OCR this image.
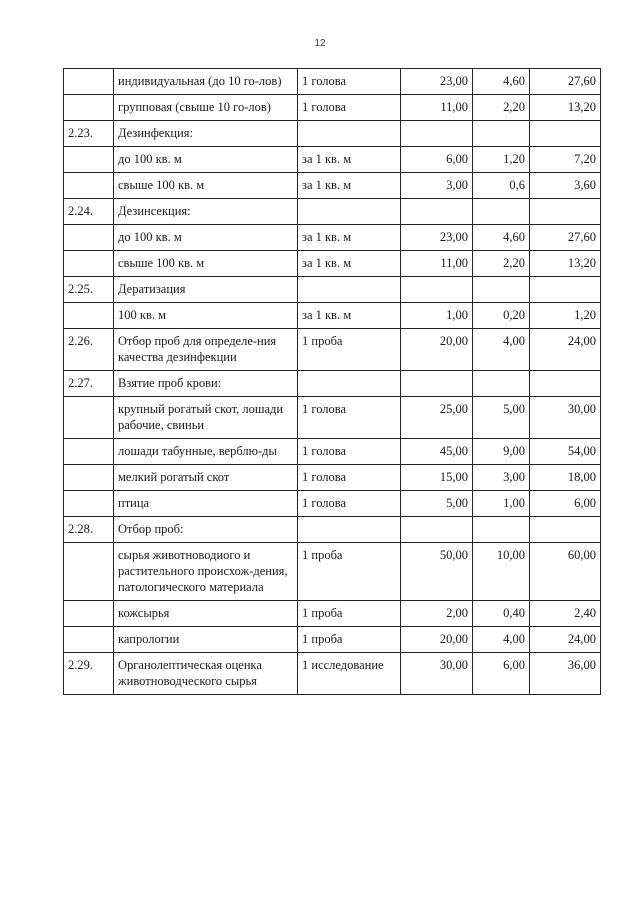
12
	индивидуальная (до 10 го-лов)	1 голова	23,00	4,60	27,60
	групповая (свыше 10 го-лов)	1 голова	11,00	2,20	13,20
2.23.	Дезинфекция:				
	до 100 кв. м	за 1 кв. м	6,00	1,20	7,20
	свыше 100 кв. м	за 1 кв. м	3,00	0,6	3,60
2.24.	Дезинсекция:				
	до 100 кв. м	за 1 кв. м	23,00	4,60	27,60
	свыше 100 кв. м	за 1 кв. м	11,00	2,20	13,20
2.25.	Дератизация				
	100 кв. м	за 1 кв. м	1,00	0,20	1,20
2.26.	Отбор проб для определе-ния качества дезинфекции	1 проба	20,00	4,00	24,00
2.27.	Взятие проб крови:				
	крупный рогатый скот, лошади рабочие, свиньи	1 голова	25,00	5,00	30,00
	лошади табунные, верблю-ды	1 голова	45,00	9,00	54,00
	мелкий рогатый скот	1 голова	15,00	3,00	18,00
	птица	1 голова	5,00	1,00	6,00
2.28.	Отбор проб:				
	сырья животноводиого и растительного происхож-дения, патологического материала	1 проба	50,00	10,00	60,00
	кожсырья	1 проба	2,00	0,40	2,40
	капрологии	1 проба	20,00	4,00	24,00
2.29.	Органолептическая оценка животноводческого сырья	1 исследование	30,00	6,00	36,00
